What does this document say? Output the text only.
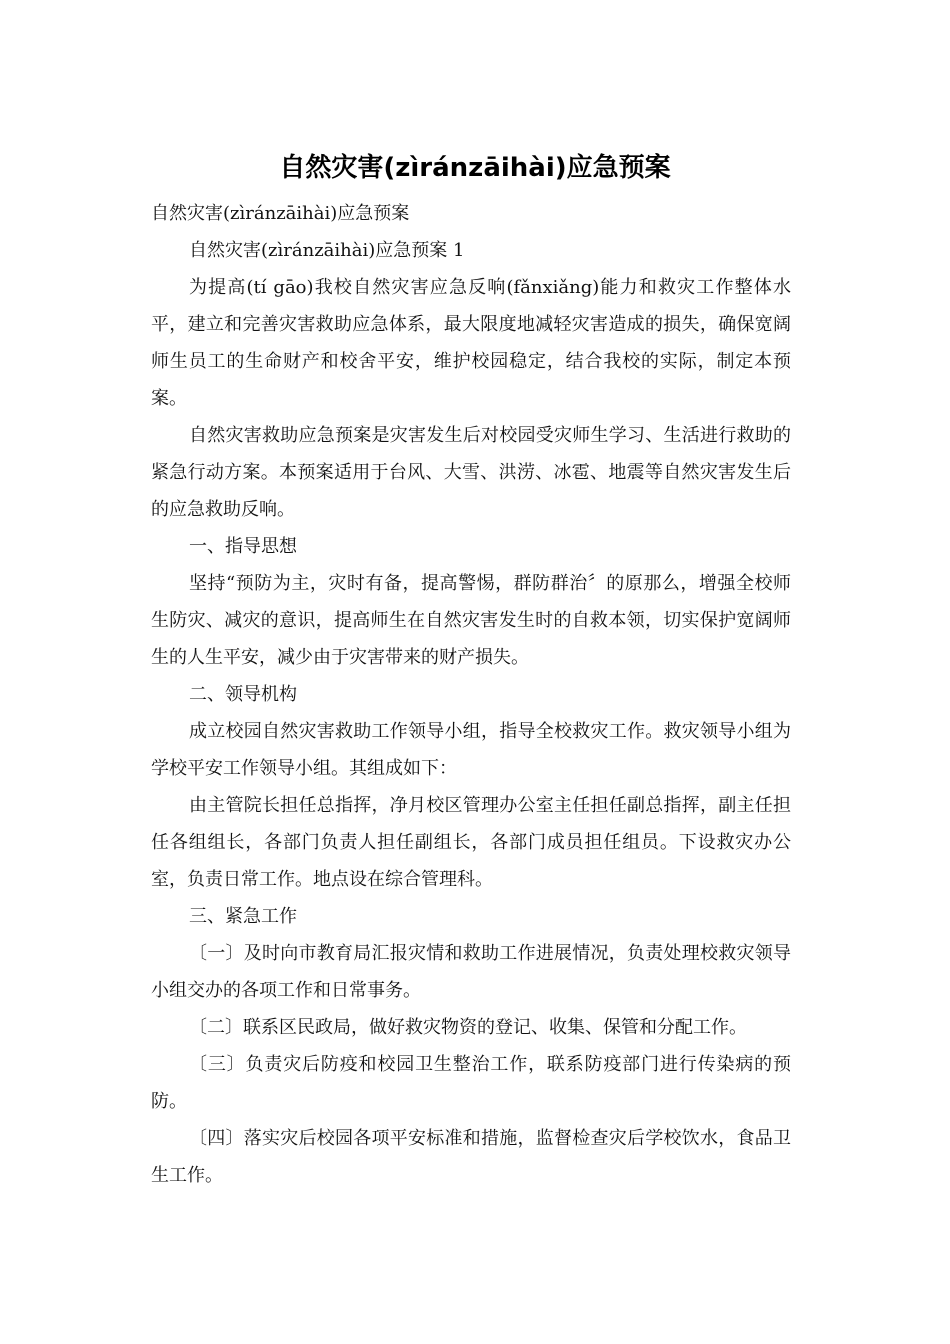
自然灾害(zìránzāihài)应急预案

自然灾害(zìránzāihài)应急预案

自然灾害(zìránzāihài)应急预案 1

为提高(tí gāo)我校自然灾害应急反响(fǎnxiǎng)能力和救灾工作整体水平，建立和完善灾害救助应急体系，最大限度地减轻灾害造成的损失，确保宽阔师生员工的生命财产和校舍平安，维护校园稳定，结合我校的实际，制定本预案。

自然灾害救助应急预案是灾害发生后对校园受灾师生学习、生活进行救助的紧急行动方案。本预案适用于台风、大雪、洪涝、冰雹、地震等自然灾害发生后的应急救助反响。

一、指导思想

坚持“预防为主，灾时有备，提高警惕，群防群治〞的原那么，增强全校师生防灾、减灾的意识，提高师生在自然灾害发生时的自救本领，切实保护宽阔师生的人生平安，减少由于灾害带来的财产损失。

二、领导机构

成立校园自然灾害救助工作领导小组，指导全校救灾工作。救灾领导小组为学校平安工作领导小组。其组成如下：

由主管院长担任总指挥，净月校区管理办公室主任担任副总指挥，副主任担任各组组长，各部门负责人担任副组长，各部门成员担任组员。下设救灾办公室，负责日常工作。地点设在综合管理科。

三、紧急工作

〔一〕及时向市教育局汇报灾情和救助工作进展情况，负责处理校救灾领导小组交办的各项工作和日常事务。

〔二〕联系区民政局，做好救灾物资的登记、收集、保管和分配工作。

〔三〕负责灾后防疫和校园卫生整治工作，联系防疫部门进行传染病的预防。

〔四〕落实灾后校园各项平安标准和措施，监督检查灾后学校饮水，食品卫生工作。
